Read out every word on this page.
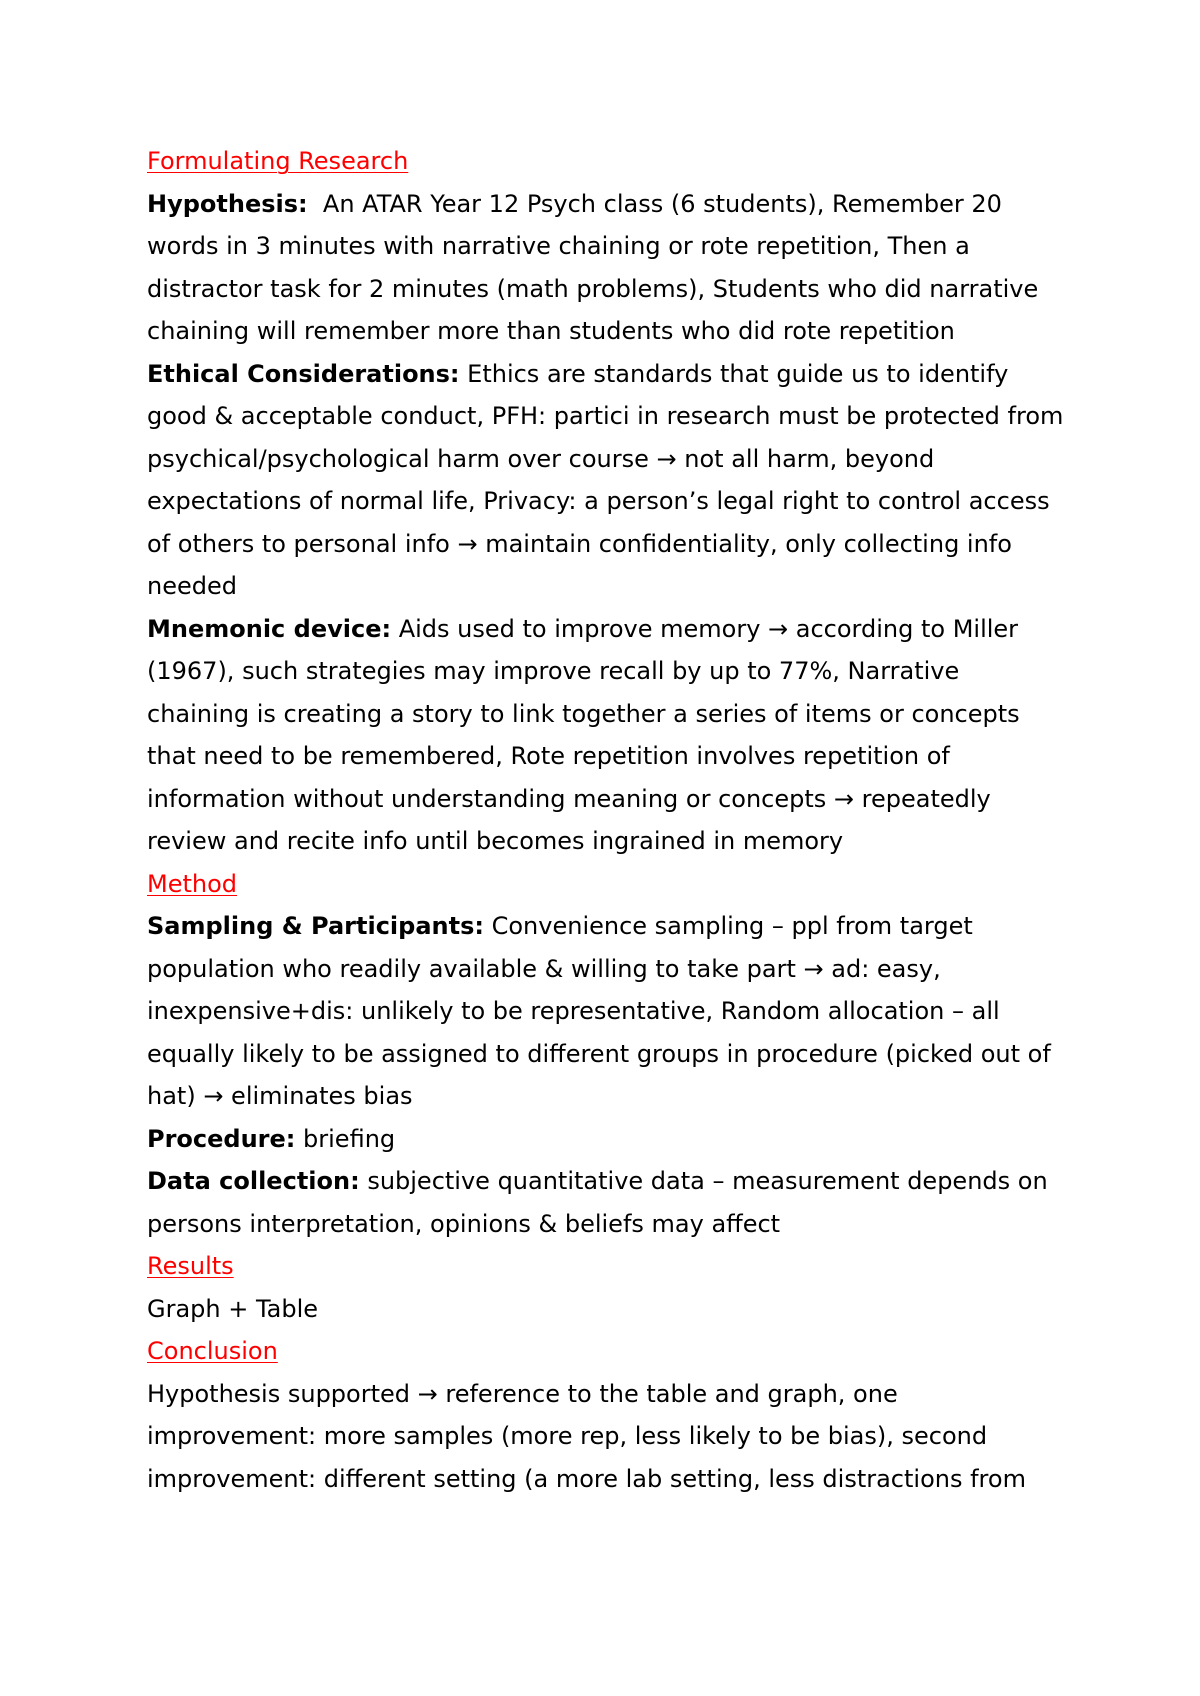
Formulating Research

Hypothesis:  An ATAR Year 12 Psych class (6 students), Remember 20 words in 3 minutes with narrative chaining or rote repetition, Then a distractor task for 2 minutes (math problems), Students who did narrative chaining will remember more than students who did rote repetition

Ethical Considerations: Ethics are standards that guide us to identify good & acceptable conduct, PFH: partici in research must be protected from psychical/psychological harm over course → not all harm, beyond expectations of normal life, Privacy: a person’s legal right to control access of others to personal info → maintain confidentiality, only collecting info needed

Mnemonic device: Aids used to improve memory → according to Miller (1967), such strategies may improve recall by up to 77%, Narrative chaining is creating a story to link together a series of items or concepts that need to be remembered, Rote repetition involves repetition of information without understanding meaning or concepts → repeatedly review and recite info until becomes ingrained in memory

Method

Sampling & Participants: Convenience sampling – ppl from target population who readily available & willing to take part → ad: easy, inexpensive+dis: unlikely to be representative, Random allocation – all equally likely to be assigned to different groups in procedure (picked out of hat) → eliminates bias

Procedure: briefing

Data collection: subjective quantitative data – measurement depends on persons interpretation, opinions & beliefs may affect

Results

Graph + Table

Conclusion

Hypothesis supported → reference to the table and graph, one improvement: more samples (more rep, less likely to be bias), second improvement: different setting (a more lab setting, less distractions from
